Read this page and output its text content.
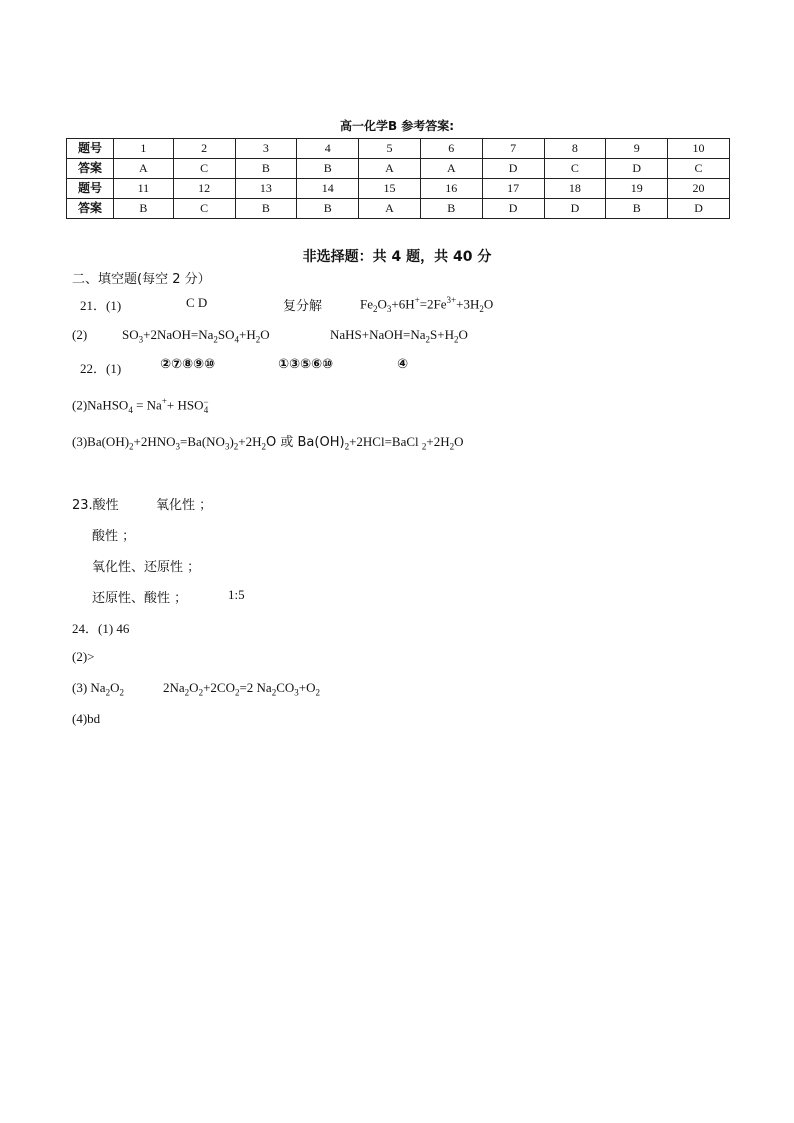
高一化学B 参考答案:
题号	1	2	3	4	5	6	7	8	9	10
答案	A	C	B	B	A	A	D	C	D	C
题号	11	12	13	14	15	16	17	18	19	20
答案	B	C	B	B	A	B	D	D	B	D
非选择题：共 4 题，共 40 分
二、填空题(每空 2 分）
21．(1)	C D	复分解	$Fe_2O_3+6H^+=2Fe^{3+}+3H_2O$
(2)	$SO_3+2NaOH=Na_2SO_4+H_2O$	$NaHS+NaOH=Na_2S+H_2O$
22．(1)	②⑦⑧⑨⑩	①③⑤⑥⑩	④
(2)NaHSO$_4$ = Na++ HSO −
4
$(3)Ba(OH)_2+2HNO_3=Ba(NO_3)_2+2H_2O$ 或 $Ba(OH)_2+2HCl=BaCl$ $_2+2H_2O$
23.酸性	氧化性 ；
酸性 ；
氧化性、还原性 ；
还原性、酸性 ；	1:5
24．(1) 46
(2)>
(3) $Na_2O_2$	$2Na_2O_2+2CO_2=2$ $Na_2CO_3+O_2$
(4)bd
